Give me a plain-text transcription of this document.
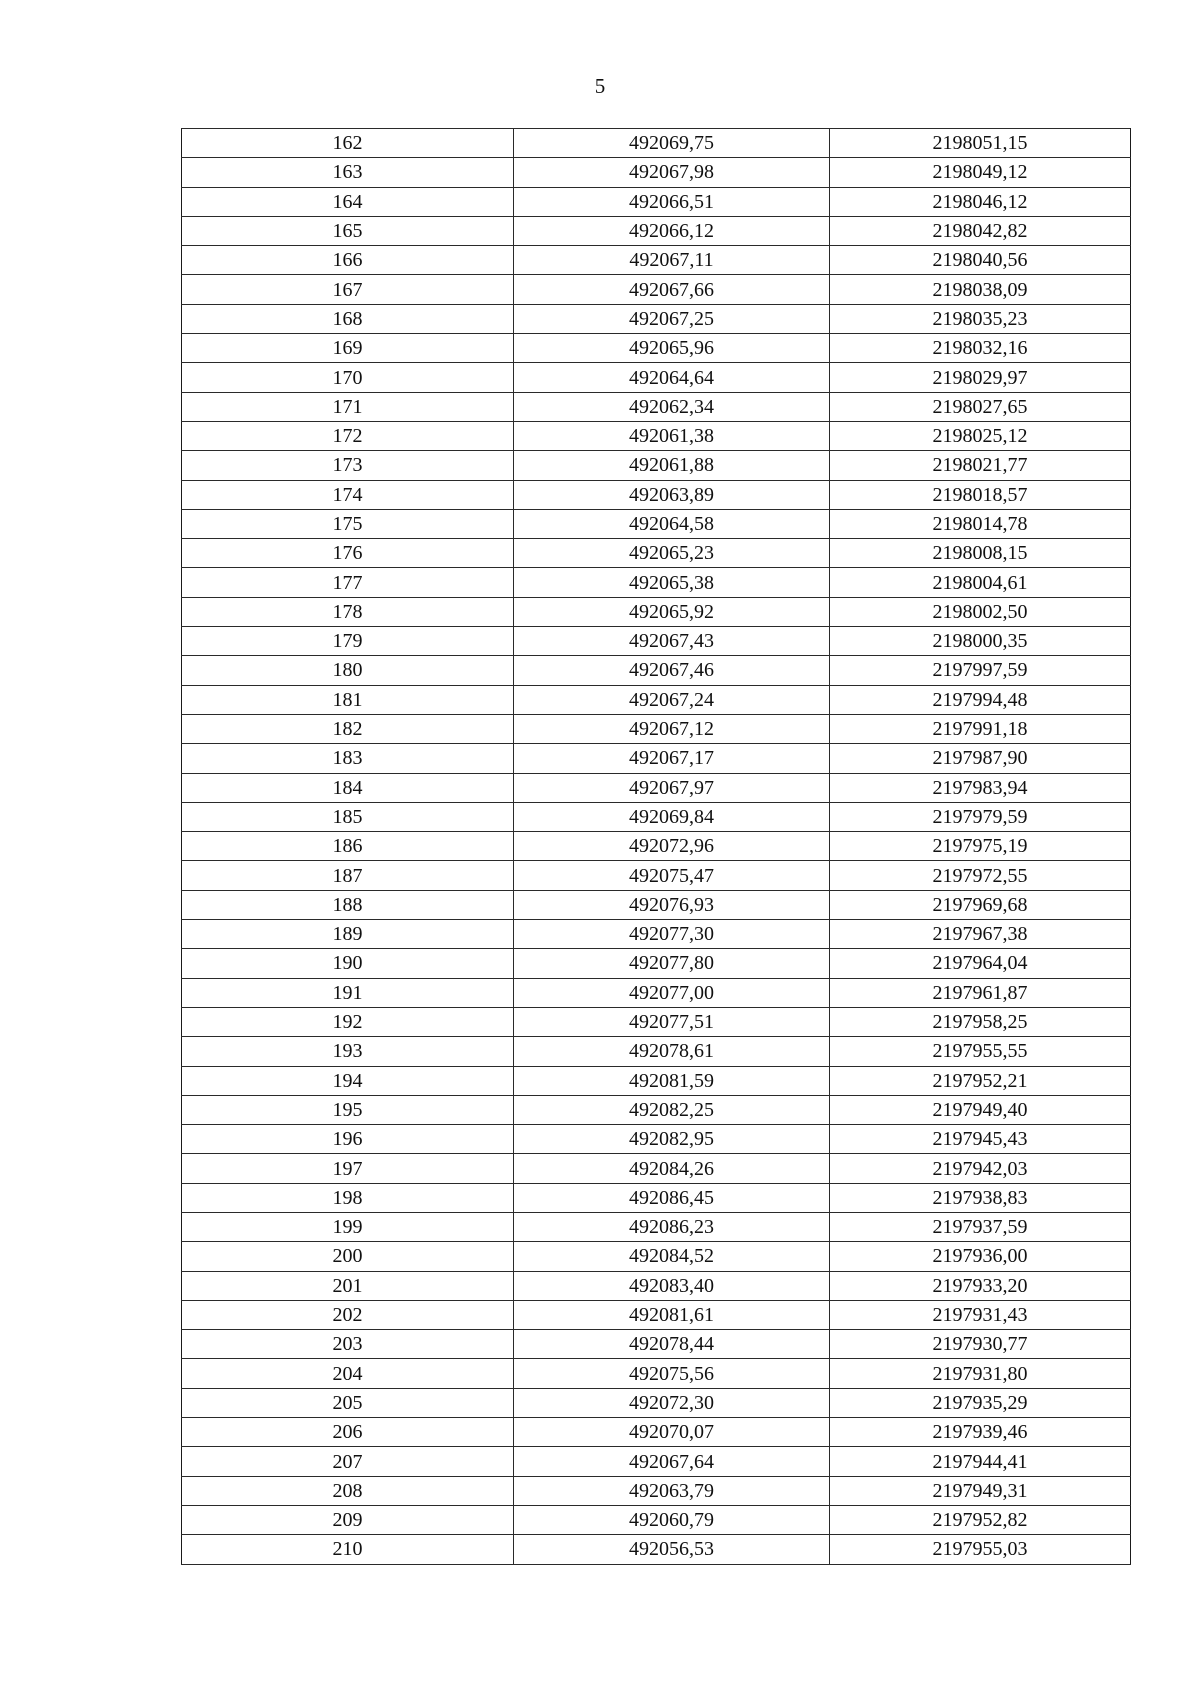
5
162	492069,75	2198051,15
163	492067,98	2198049,12
164	492066,51	2198046,12
165	492066,12	2198042,82
166	492067,11	2198040,56
167	492067,66	2198038,09
168	492067,25	2198035,23
169	492065,96	2198032,16
170	492064,64	2198029,97
171	492062,34	2198027,65
172	492061,38	2198025,12
173	492061,88	2198021,77
174	492063,89	2198018,57
175	492064,58	2198014,78
176	492065,23	2198008,15
177	492065,38	2198004,61
178	492065,92	2198002,50
179	492067,43	2198000,35
180	492067,46	2197997,59
181	492067,24	2197994,48
182	492067,12	2197991,18
183	492067,17	2197987,90
184	492067,97	2197983,94
185	492069,84	2197979,59
186	492072,96	2197975,19
187	492075,47	2197972,55
188	492076,93	2197969,68
189	492077,30	2197967,38
190	492077,80	2197964,04
191	492077,00	2197961,87
192	492077,51	2197958,25
193	492078,61	2197955,55
194	492081,59	2197952,21
195	492082,25	2197949,40
196	492082,95	2197945,43
197	492084,26	2197942,03
198	492086,45	2197938,83
199	492086,23	2197937,59
200	492084,52	2197936,00
201	492083,40	2197933,20
202	492081,61	2197931,43
203	492078,44	2197930,77
204	492075,56	2197931,80
205	492072,30	2197935,29
206	492070,07	2197939,46
207	492067,64	2197944,41
208	492063,79	2197949,31
209	492060,79	2197952,82
210	492056,53	2197955,03
